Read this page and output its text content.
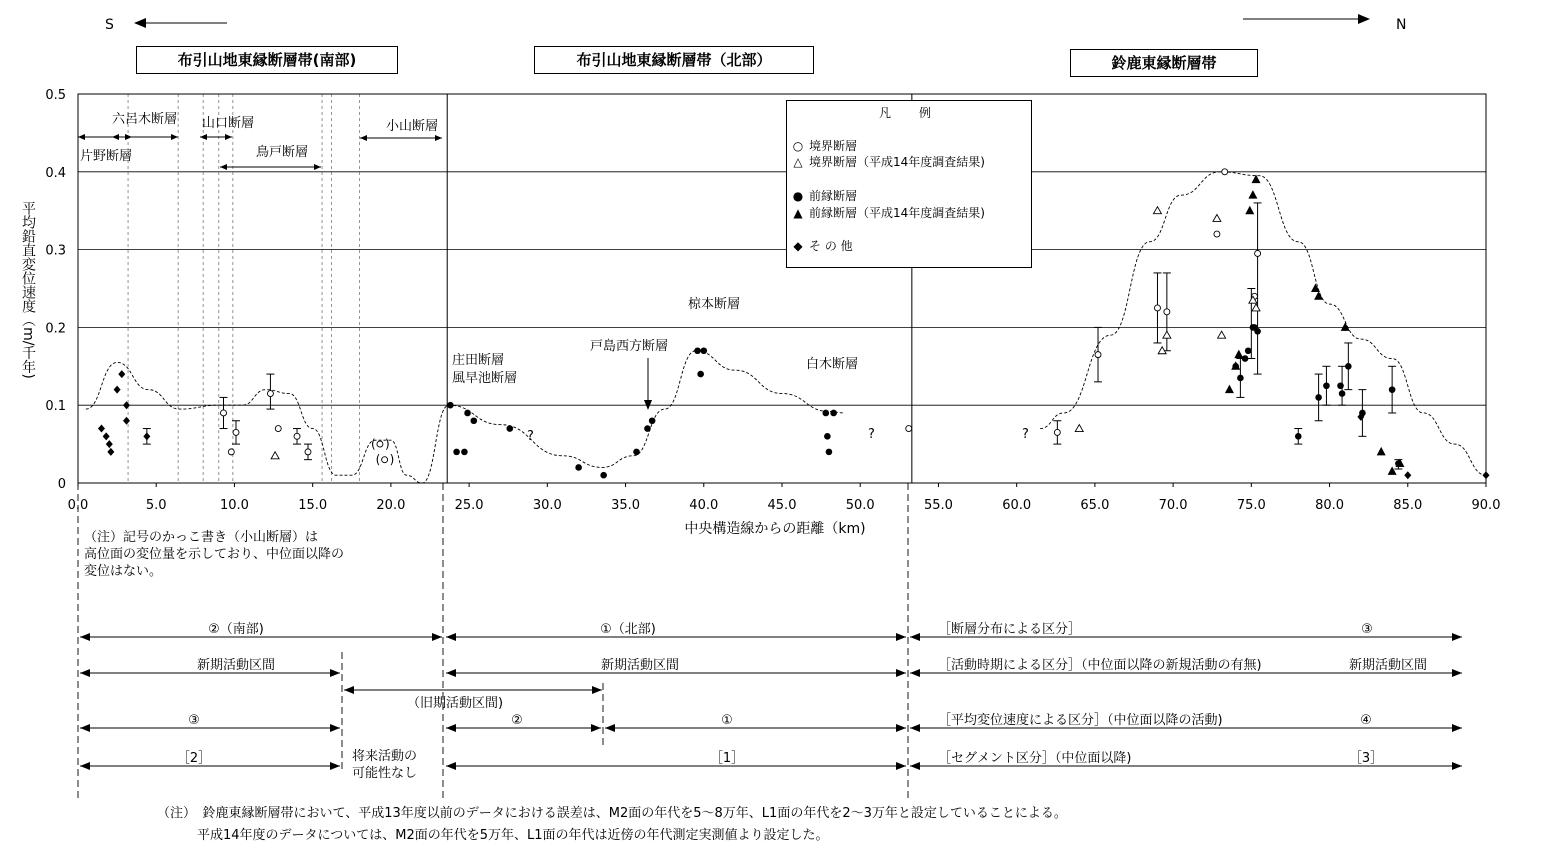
六呂木断層 山口断層
片野断層	鳥戸断層
小山断層
庄田断層
風早池断層
戸島西方断層
椋本断層
白木断層
?	?	?
( )
( )
0.0	5.0	10.0	15.0	20.0	25.0	30.0	35.0	40.0	45.0	50.0	55.0	60.0	65.0	70.0	75.0	80.0	85.0	90.0
0
0.1
0.2
0.3
0.4
0.5
中央構造線からの距離（km)
平均鉛直変位速度（m/千年)
②（南部)	①（北部)	［断層分布による区分］	③
新期活動区間	新期活動区間	［活動時期による区分］（中位面以降の新規活動の有無)	新期活動区間
（旧期活動区間)
③	②	①	［平均変位速度による区分］（中位面以降の活動)	④
［2］	［1］	［セグメント区分］（中位面以降)	［3］
S	N
布引山地東縁断層帯(南部)	布引山地東縁断層帯（北部）	鈴鹿東縁断層帯
凡　例
○ 境界断層
△ 境界断層（平成14年度調査結果)
● 前縁断層
▲ 前縁断層（平成14年度調査結果)
◆ そ の 他
（注）記号のかっこ書き（小山断層）は
高位面の変位量を示しており、中位面以降の
変位はない。
（注）　鈴鹿東縁断層帯において、平成13年度以前のデータにおける誤差は、M2面の年代を5〜8万年、L1面の年代を2〜3万年と設定していることによる。
平成14年度のデータについては、M2面の年代を5万年、L1面の年代は近傍の年代測定実測値より設定した。
将来活動の
可能性なし
